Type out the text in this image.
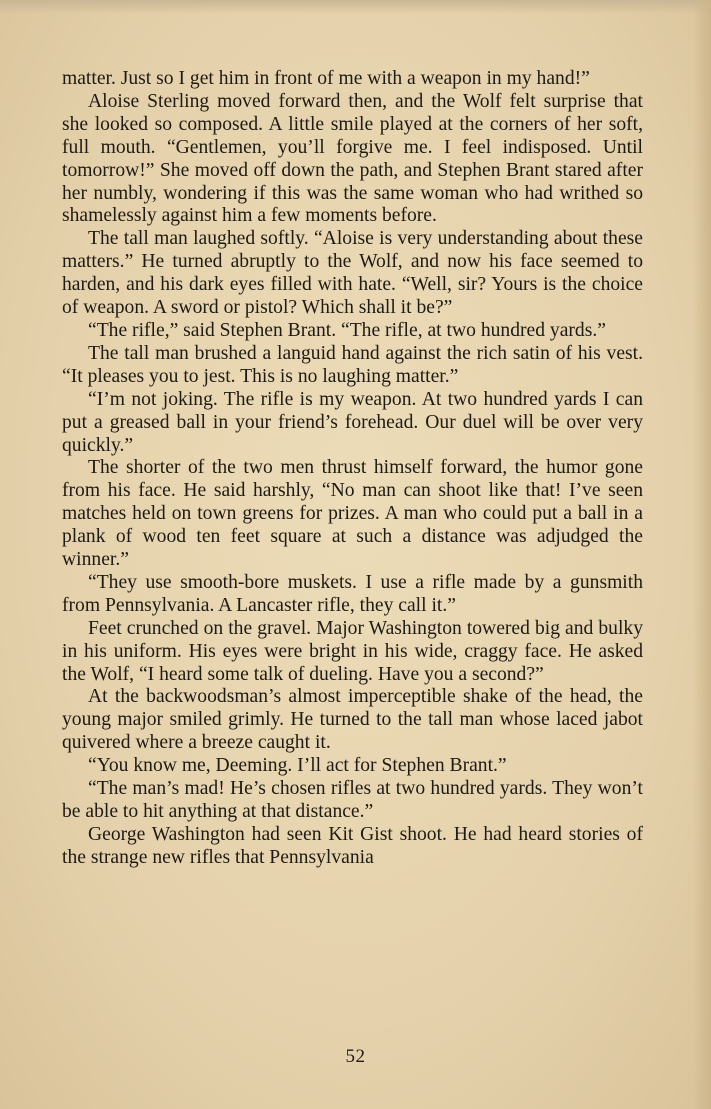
matter. Just so I get him in front of me with a weapon in my hand!”

Aloise Sterling moved forward then, and the Wolf felt surprise that she looked so composed. A little smile played at the corners of her soft, full mouth. “Gentlemen, you’ll forgive me. I feel indisposed. Until tomorrow!” She moved off down the path, and Stephen Brant stared after her numbly, wondering if this was the same woman who had writhed so shamelessly against him a few moments before.

The tall man laughed softly. “Aloise is very understanding about these matters.” He turned abruptly to the Wolf, and now his face seemed to harden, and his dark eyes filled with hate. “Well, sir? Yours is the choice of weapon. A sword or pistol? Which shall it be?”

“The rifle,” said Stephen Brant. “The rifle, at two hundred yards.”

The tall man brushed a languid hand against the rich satin of his vest. “It pleases you to jest. This is no laughing matter.”

“I’m not joking. The rifle is my weapon. At two hundred yards I can put a greased ball in your friend’s forehead. Our duel will be over very quickly.”

The shorter of the two men thrust himself forward, the humor gone from his face. He said harshly, “No man can shoot like that! I’ve seen matches held on town greens for prizes. A man who could put a ball in a plank of wood ten feet square at such a distance was adjudged the winner.”

“They use smooth-bore muskets. I use a rifle made by a gunsmith from Pennsylvania. A Lancaster rifle, they call it.”

Feet crunched on the gravel. Major Washington towered big and bulky in his uniform. His eyes were bright in his wide, craggy face. He asked the Wolf, “I heard some talk of dueling. Have you a second?”

At the backwoodsman’s almost imperceptible shake of the head, the young major smiled grimly. He turned to the tall man whose laced jabot quivered where a breeze caught it.

“You know me, Deeming. I’ll act for Stephen Brant.”

“The man’s mad! He’s chosen rifles at two hundred yards. They won’t be able to hit anything at that distance.”

George Washington had seen Kit Gist shoot. He had heard stories of the strange new rifles that Pennsylvania

52
